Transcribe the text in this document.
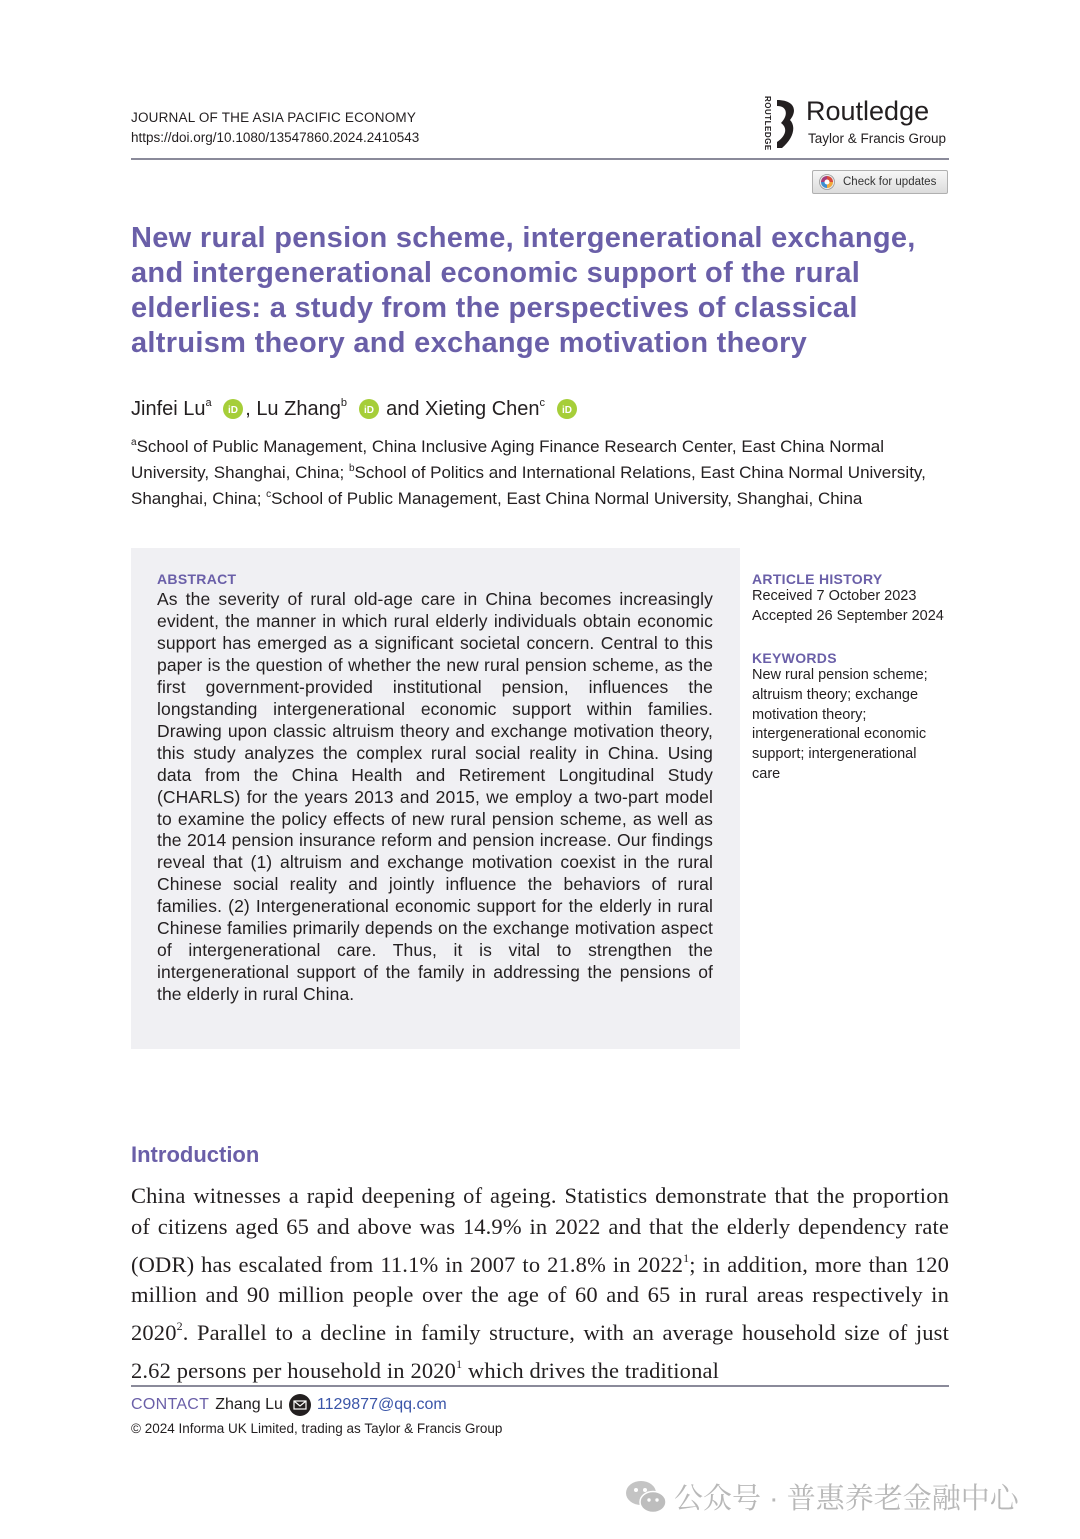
JOURNAL OF THE ASIA PACIFIC ECONOMY
https://doi.org/10.1080/13547860.2024.2410543	ROUTLEDGE Routledge
Taylor & Francis Group
Check for updates
New rural pension scheme, intergenerational exchange, and intergenerational economic support of the rural elderlies: a study from the perspectives of classical altruism theory and exchange motivation theory
Jinfei Lu$^a$
iD , Lu Zhang$^b$
iD and Xieting Chen$^c$
iD
$^a$School of Public Management, China Inclusive Aging Finance Research Center, East China Normal University, Shanghai, China; $^b$School of Politics and International Relations, East China Normal University, Shanghai, China; $^c$School of Public Management, East China Normal University, Shanghai, China
ABSTRACT

As the severity of rural old-age care in China becomes increasingly evident, the manner in which rural elderly individuals obtain economic support has emerged as a significant societal concern. Central to this paper is the question of whether the new rural pension scheme, as the first government-provided institutional pension, influences the longstanding intergenerational economic support within families. Drawing upon classic altruism theory and exchange motivation theory, this study analyzes the complex rural social reality in China. Using data from the China Health and Retirement Longitudinal Study (CHARLS) for the years 2013 and 2015, we employ a two-part model to examine the policy effects of new rural pension scheme, as well as the 2014 pension insurance reform and pension increase. Our findings reveal that (1) altruism and exchange motivation coexist in the rural Chinese social reality and jointly influence the behaviors of rural families. (2) Intergenerational economic support for the elderly in rural Chinese families primarily depends on the exchange motivation aspect of intergenerational care. Thus, it is vital to strengthen the intergenerational support of the family in addressing the pensions of the elderly in rural China.

ARTICLE HISTORY
Received 7 October 2023
Accepted 26 September 2024
KEYWORDS
New rural pension scheme; altruism theory; exchange motivation theory; intergenerational economic support; intergenerational care
Introduction

China witnesses a rapid deepening of ageing. Statistics demonstrate that the proportion of citizens aged 65 and above was 14.9% in 2022 and that the elderly dependency rate (ODR) has escalated from 11.1% in 2007 to 21.8% in 2022$^1$; in addition, more than 120 million and 90 million people over the age of 60 and 65 in rural areas respectively in 2020$^2$. Parallel to a decline in family structure, with an average household size of just 2.62 persons per household in 2020$^1$ which drives the traditional

CONTACT Zhang Lu 1129877@qq.com
© 2024 Informa UK Limited, trading as Taylor & Francis Group
公众号 · 普惠养老金融中心
